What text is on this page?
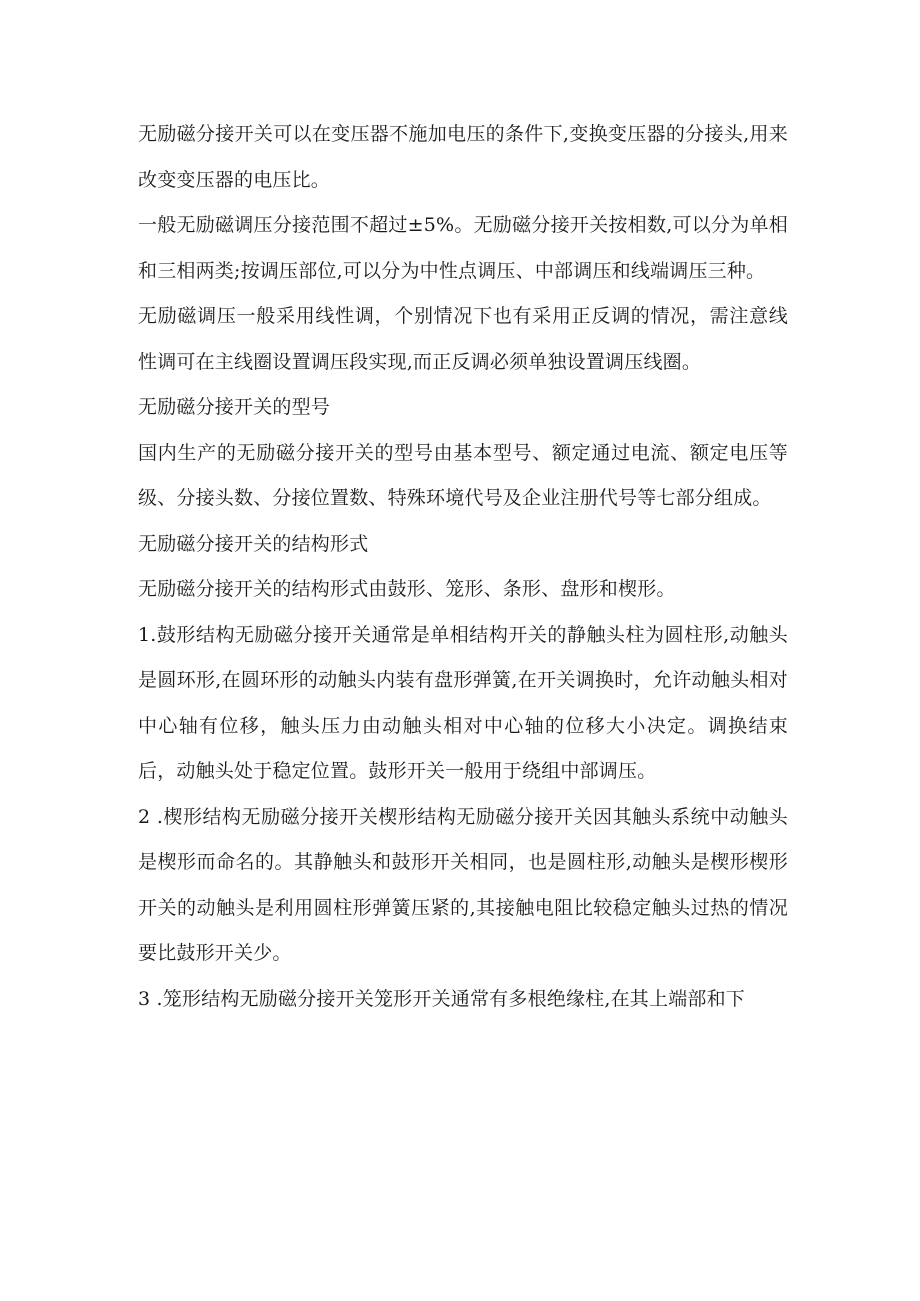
无励磁分接开关可以在变压器不施加电压的条件下,变换变压器的分接头,用来改变变压器的电压比。

一般无励磁调压分接范围不超过±5%。无励磁分接开关按相数,可以分为单相和三相两类;按调压部位,可以分为中性点调压、中部调压和线端调压三种。

无励磁调压一般采用线性调，个别情况下也有采用正反调的情况，需注意线性调可在主线圈设置调压段实现,而正反调必须单独设置调压线圈。

无励磁分接开关的型号

国内生产的无励磁分接开关的型号由基本型号、额定通过电流、额定电压等级、分接头数、分接位置数、特殊环境代号及企业注册代号等七部分组成。

无励磁分接开关的结构形式

无励磁分接开关的结构形式由鼓形、笼形、条形、盘形和楔形。

1.鼓形结构无励磁分接开关通常是单相结构开关的静触头柱为圆柱形,动触头是圆环形,在圆环形的动触头内装有盘形弹簧,在开关调换时，允许动触头相对中心轴有位移，触头压力由动触头相对中心轴的位移大小决定。调换结束后，动触头处于稳定位置。鼓形开关一般用于绕组中部调压。

2 .楔形结构无励磁分接开关楔形结构无励磁分接开关因其触头系统中动触头是楔形而命名的。其静触头和鼓形开关相同，也是圆柱形,动触头是楔形楔形开关的动触头是利用圆柱形弹簧压紧的,其接触电阻比较稳定触头过热的情况要比鼓形开关少。

3 .笼形结构无励磁分接开关笼形开关通常有多根绝缘柱,在其上端部和下
